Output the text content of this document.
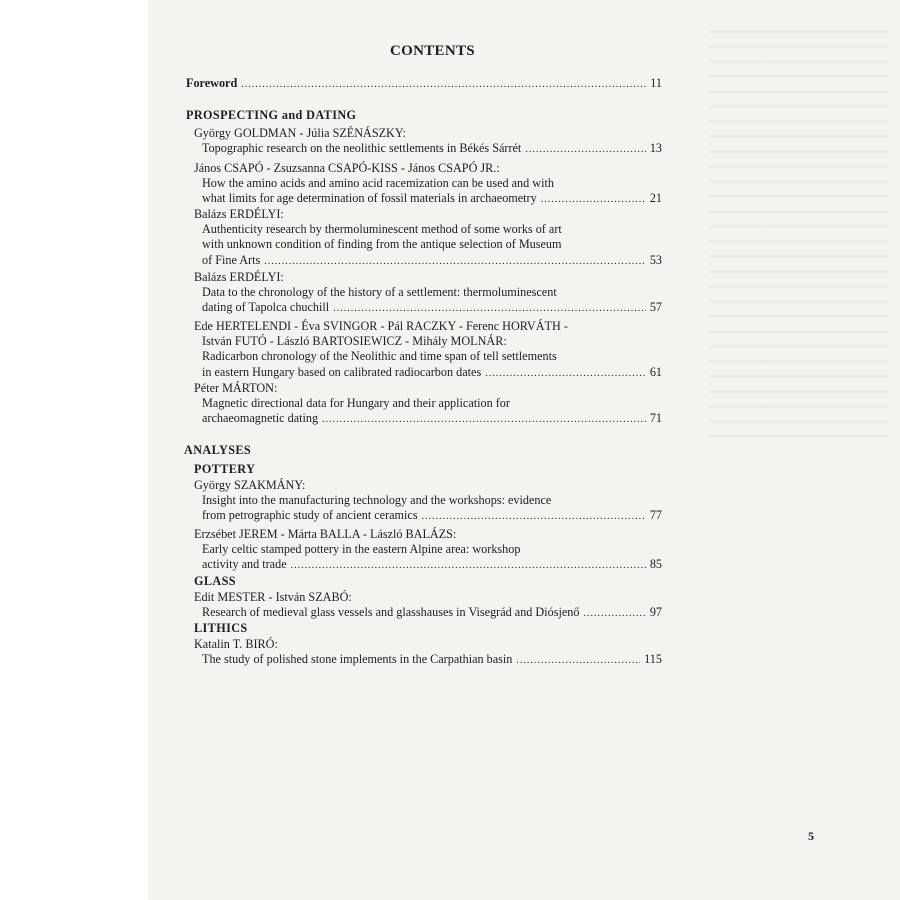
5
CONTENTS
Foreword .....	11
PROSPECTING and DATING
György GOLDMAN - Júlia SZÉNÁSZKY:
Topographic research on the neolithic settlements in Békés Sárrét .....	13
János CSAPÓ - Zsuzsanna CSAPÓ-KISS - János CSAPÓ JR.:
How the amino acids and amino acid racemization can be used and with
what limits for age determination of fossil materials in archaeometry .....	21
Balázs ERDÉLYI:
Authenticity research by thermoluminescent method of some works of art
with unknown condition of finding from the antique selection of Museum
of Fine Arts .....	53
Balázs ERDÉLYI:
Data to the chronology of the history of a settlement: thermoluminescent
dating of Tapolca chuchill .....	57
Ede HERTELENDI - Éva SVINGOR - Pál RACZKY - Ferenc HORVÁTH -
István FUTÓ - László BARTOSIEWICZ - Mihály MOLNÁR:
Radicarbon chronology of the Neolithic and time span of tell settlements
in eastern Hungary based on calibrated radiocarbon dates .....	61
Péter MÁRTON:
Magnetic directional data for Hungary and their application for
archaeomagnetic dating .....	71
ANALYSES
POTTERY
György SZAKMÁNY:
Insight into the manufacturing technology and the workshops: evidence
from petrographic study of ancient ceramics .....	77
Erzsébet JEREM - Márta BALLA - László BALÁZS:
Early celtic stamped pottery in the eastern Alpine area: workshop
activity and trade .....	85
GLASS
Edit MESTER - István SZABÓ:
Research of medieval glass vessels and glasshauses in Visegrád and Diósjenő .....	97
LITHICS
Katalin T. BIRÓ:
The study of polished stone implements in the Carpathian basin .....	115
